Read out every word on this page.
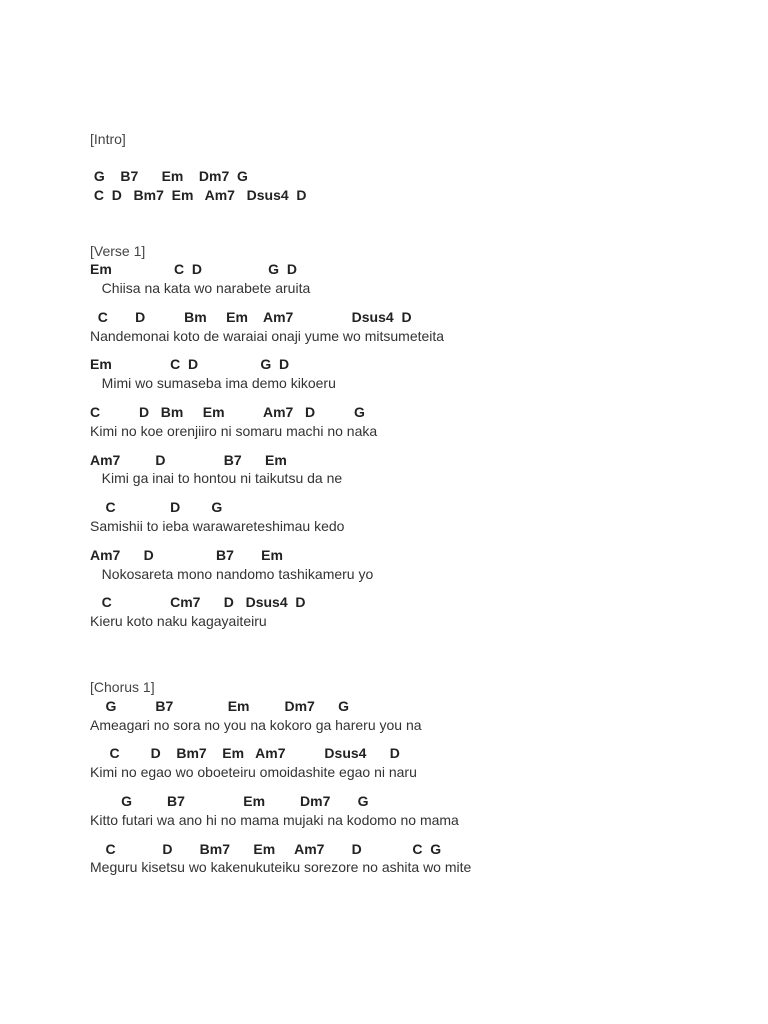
[Intro]

G    B7      Em    Dm7  G

C  D   Bm7  Em   Am7   Dsus4  D

[Verse 1]

Em                C  D                 G  D

Chiisa na kata wo narabete aruita

C       D          Bm     Em    Am7               Dsus4  D

Nandemonai koto de waraiai onaji yume wo mitsumeteita

Em               C  D                G  D

Mimi wo sumaseba ima demo kikoeru

C          D   Bm     Em          Am7   D          G

Kimi no koe orenjiiro ni somaru machi no naka

Am7         D               B7      Em

Kimi ga inai to hontou ni taikutsu da ne

C              D        G

Samishii to ieba warawareteshimau kedo

Am7      D                B7       Em

Nokosareta mono nandomo tashikameru yo

C               Cm7      D   Dsus4  D

Kieru koto naku kagayaiteiru

[Chorus 1]

G          B7              Em         Dm7      G

Ameagari no sora no you na kokoro ga hareru you na

C        D    Bm7    Em   Am7          Dsus4      D

Kimi no egao wo oboeteiru omoidashite egao ni naru

G         B7               Em         Dm7       G

Kitto futari wa ano hi no mama mujaki na kodomo no mama

C            D       Bm7      Em     Am7       D             C  G

Meguru kisetsu wo kakenukuteiku sorezore no ashita wo mite
